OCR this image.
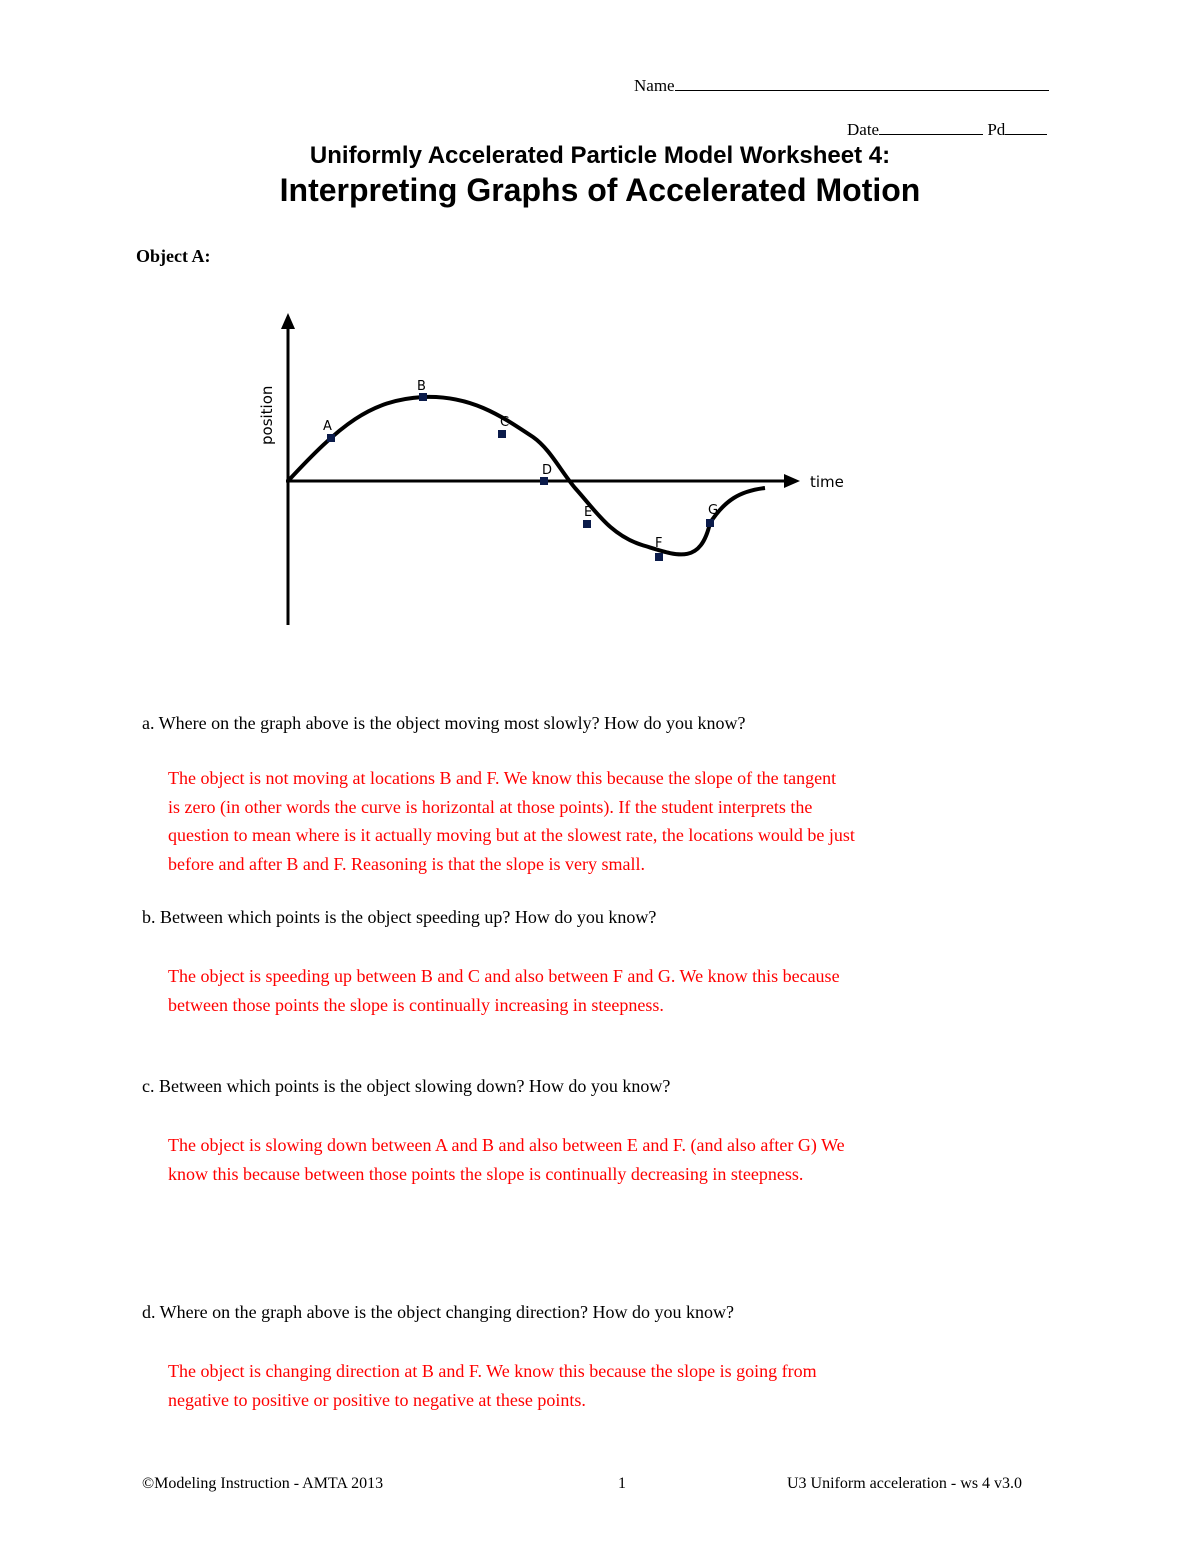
Name
Date	Pd
Uniformly Accelerated Particle Model Worksheet 4:
Interpreting Graphs of Accelerated Motion
Object A:
A
B
C
D
E
F
G
position
time
a. Where on the graph above is the object moving most slowly? How do you know?
The object is not moving at locations B and F. We know this because the slope of the tangent
is zero (in other words the curve is horizontal at those points). If the student interprets the
question to mean where is it actually moving but at the slowest rate, the locations would be just
before and after B and F. Reasoning is that the slope is very small.
b. Between which points is the object speeding up? How do you know?
The object is speeding up between B and C and also between F and G. We know this because
between those points the slope is continually increasing in steepness.
c. Between which points is the object slowing down? How do you know?
The object is slowing down between A and B and also between E and F. (and also after G) We
know this because between those points the slope is continually decreasing in steepness.
d. Where on the graph above is the object changing direction? How do you know?
The object is changing direction at B and F. We know this because the slope is going from
negative to positive or positive to negative at these points.
©Modeling Instruction - AMTA 2013	1	U3 Uniform acceleration - ws 4 v3.0
